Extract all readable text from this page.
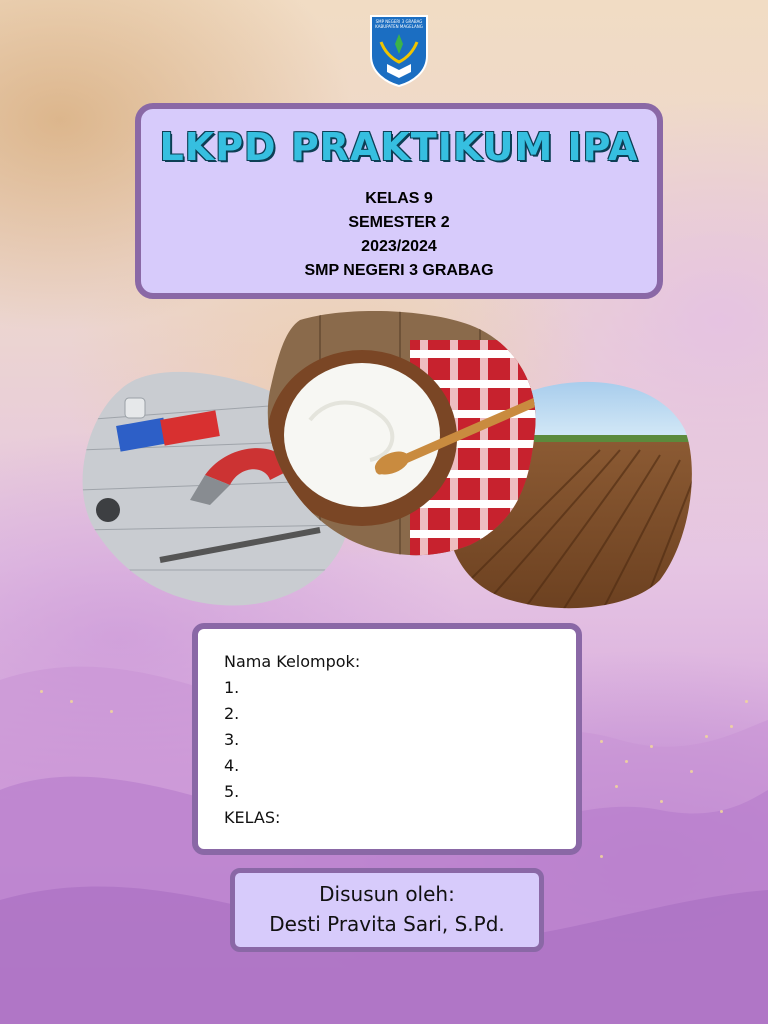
SMP NEGERI 3 GRABAG
KABUPATEN MAGELANG
LKPD PRAKTIKUM IPA
KELAS 9
SEMESTER 2
2023/2024
SMP NEGERI 3 GRABAG
Nama Kelompok:
1.
2.
3.
4.
5.
KELAS:
Disusun oleh:
Desti Pravita Sari, S.Pd.
